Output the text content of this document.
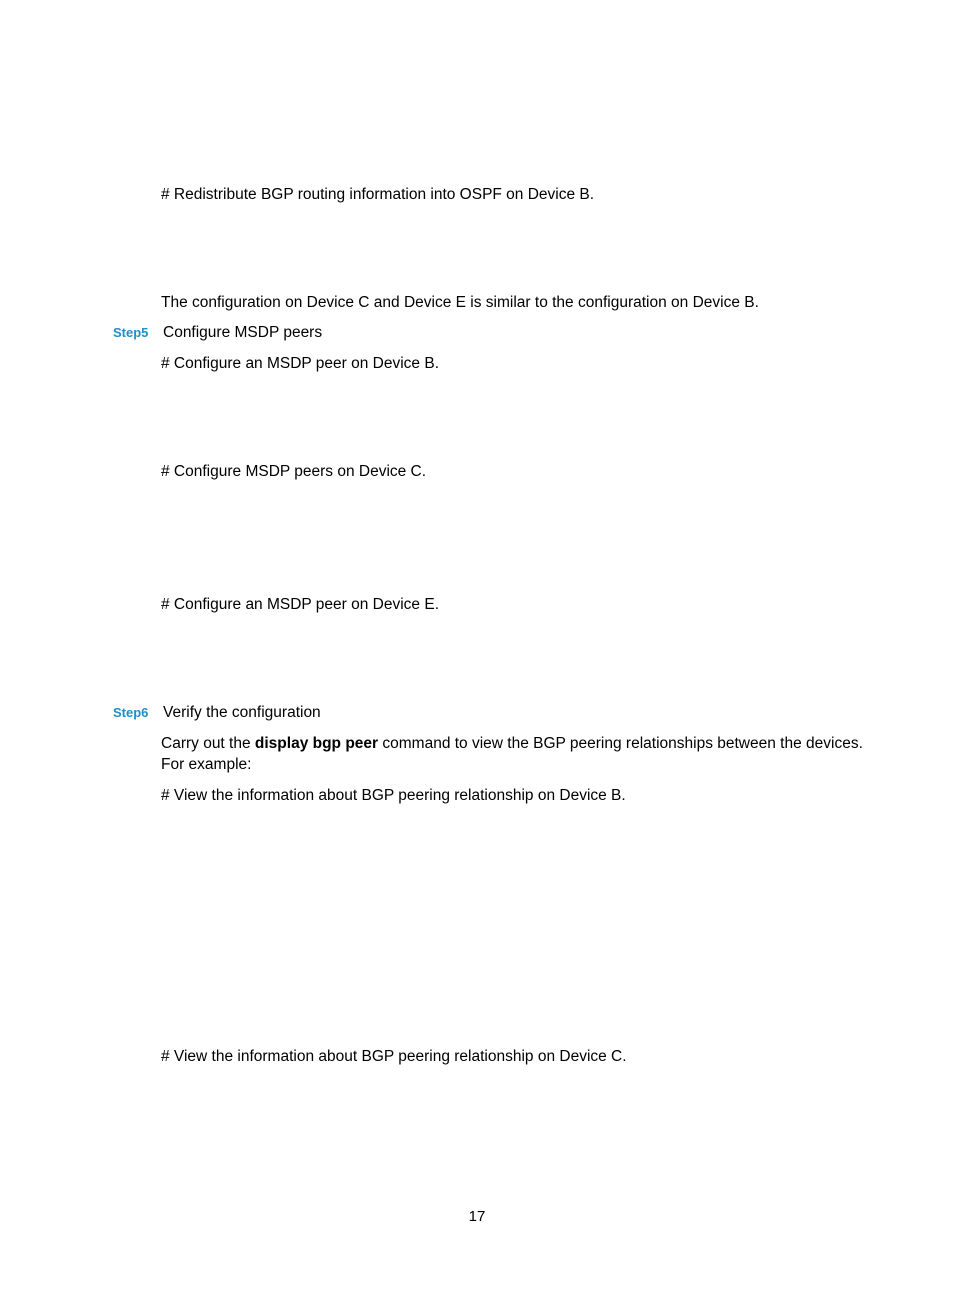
# Redistribute BGP routing information into OSPF on Device B.

The configuration on Device C and Device E is similar to the configuration on Device B.

Step5 Configure MSDP peers

# Configure an MSDP peer on Device B.

# Configure MSDP peers on Device C.

# Configure an MSDP peer on Device E.

Step6 Verify the configuration

Carry out the display bgp peer command to view the BGP peering relationships between the devices. For example:

# View the information about BGP peering relationship on Device B.

# View the information about BGP peering relationship on Device C.

17
